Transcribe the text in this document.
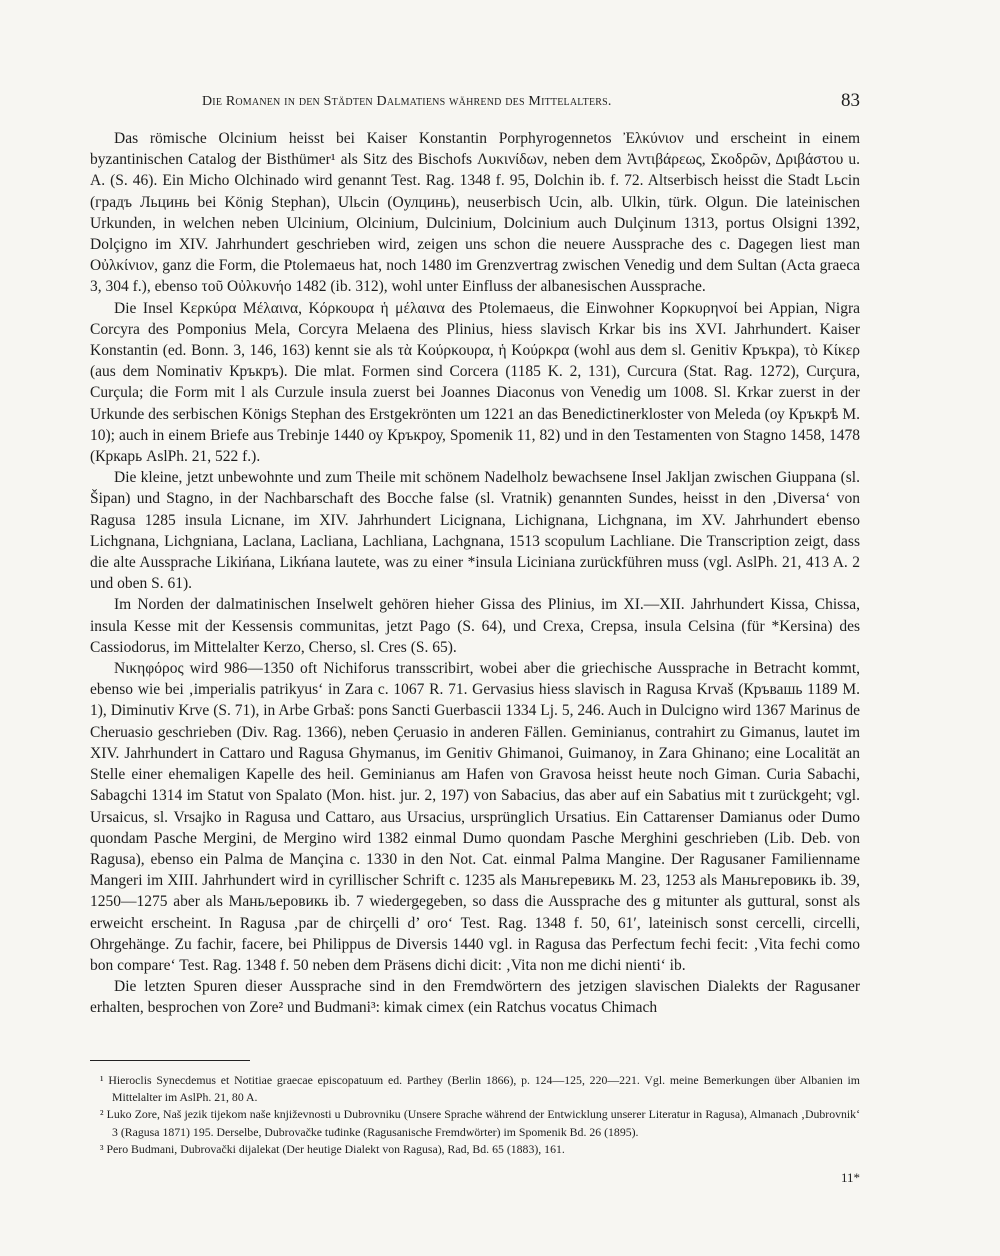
Die Romanen in den Städten Dalmatiens während des Mittelalters.	83

Das römische Olcinium heisst bei Kaiser Konstantin Porphyrogennetos Ἐλκύνιον und erscheint in einem byzantinischen Catalog der Bisthümer¹ als Sitz des Bischofs Λυκινίδων, neben dem Ἀντιβάρεως, Σκοδρῶν, Δριβάστου u. A. (S. 46). Ein Micho Olchinado wird genannt Test. Rag. 1348 f. 95, Dolchin ib. f. 72. Altserbisch heisst die Stadt Lьcin (градъ Льцинь bei König Stephan), Ulьcin (Оулцинь), neuserbisch Ucin, alb. Ulkin, türk. Olgun. Die lateinischen Urkunden, in welchen neben Ulcinium, Olcinium, Dulcinium, Dolcinium auch Dulçinum 1313, portus Olsigni 1392, Dolçigno im XIV. Jahrhundert geschrieben wird, zeigen uns schon die neuere Aussprache des c. Dagegen liest man Οὐλκίνιον, ganz die Form, die Ptolemaeus hat, noch 1480 im Grenzvertrag zwischen Venedig und dem Sultan (Acta graeca 3, 304 f.), ebenso τοῦ Οὐλκυνήο 1482 (ib. 312), wohl unter Einfluss der albanesischen Aussprache.

Die Insel Κερκύρα Μέλαινα, Κόρκουρα ἡ μέλαινα des Ptolemaeus, die Einwohner Κορκυρηνοί bei Appian, Nigra Corcyra des Pomponius Mela, Corcyra Melaena des Plinius, hiess slavisch Krkar bis ins XVI. Jahrhundert. Kaiser Konstantin (ed. Bonn. 3, 146, 163) kennt sie als τὰ Κούρκουρα, ἡ Κούρκρα (wohl aus dem sl. Genitiv Кръкра), τὸ Κίκερ (aus dem Nominativ Кръкръ). Die mlat. Formen sind Corcera (1185 K. 2, 131), Curcura (Stat. Rag. 1272), Curçura, Curçula; die Form mit l als Curzule insula zuerst bei Joannes Diaconus von Venedig um 1008. Sl. Krkar zuerst in der Urkunde des serbischen Königs Stephan des Erstgekrönten um 1221 an das Benedictinerkloster von Meleda (оу Кръкрѣ M. 10); auch in einem Briefe aus Trebinje 1440 оу Кръкроу, Spomenik 11, 82) und in den Testamenten von Stagno 1458, 1478 (Кркарь AslPh. 21, 522 f.).

Die kleine, jetzt unbewohnte und zum Theile mit schönem Nadelholz bewachsene Insel Jakljan zwischen Giuppana (sl. Šipan) und Stagno, in der Nachbarschaft des Bocche false (sl. Vratnik) genannten Sundes, heisst in den ‚Diversa‘ von Ragusa 1285 insula Licnane, im XIV. Jahrhundert Licignana, Lichignana, Lichgnana, im XV. Jahrhundert ebenso Lichgnana, Lichgniana, Laclana, Lacliana, Lachliana, Lachgnana, 1513 scopulum Lachliane. Die Transcription zeigt, dass die alte Aussprache Likińana, Likńana lautete, was zu einer *insula Liciniana zurückführen muss (vgl. AslPh. 21, 413 A. 2 und oben S. 61).

Im Norden der dalmatinischen Inselwelt gehören hieher Gissa des Plinius, im XI.—XII. Jahrhundert Kissa, Chissa, insula Kesse mit der Kessensis communitas, jetzt Pago (S. 64), und Crexa, Crepsa, insula Celsina (für *Kersina) des Cassiodorus, im Mittelalter Kerzo, Cherso, sl. Cres (S. 65).

Νικηφόρος wird 986—1350 oft Nichiforus transscribirt, wobei aber die griechische Aussprache in Betracht kommt, ebenso wie bei ‚imperialis patrikyus‘ in Zara c. 1067 R. 71. Gervasius hiess slavisch in Ragusa Krvaš (Кръвашь 1189 M. 1), Diminutiv Krve (S. 71), in Arbe Grbaš: pons Sancti Guerbascii 1334 Lj. 5, 246. Auch in Dulcigno wird 1367 Marinus de Cheruasio geschrieben (Div. Rag. 1366), neben Çeruasio in anderen Fällen. Geminianus, contrahirt zu Gimanus, lautet im XIV. Jahrhundert in Cattaro und Ragusa Ghymanus, im Genitiv Ghimanoi, Guimanoy, in Zara Ghinano; eine Localität an Stelle einer ehemaligen Kapelle des heil. Geminianus am Hafen von Gravosa heisst heute noch Giman. Curia Sabachi, Sabagchi 1314 im Statut von Spalato (Mon. hist. jur. 2, 197) von Sabacius, das aber auf ein Sabatius mit t zurückgeht; vgl. Ursaicus, sl. Vrsajko in Ragusa und Cattaro, aus Ursacius, ursprünglich Ursatius. Ein Cattarenser Damianus oder Dumo quondam Pasche Mergini, de Mergino wird 1382 einmal Dumo quondam Pasche Merghini geschrieben (Lib. Deb. von Ragusa), ebenso ein Palma de Mançina c. 1330 in den Not. Cat. einmal Palma Mangine. Der Ragusaner Familienname Mangeri im XIII. Jahrhundert wird in cyrillischer Schrift c. 1235 als Маньгеревикь M. 23, 1253 als Маньгеровикь ib. 39, 1250—1275 aber als Маньљеровикь ib. 7 wiedergegeben, so dass die Aussprache des g mitunter als guttural, sonst als erweicht erscheint. In Ragusa ‚par de chirçelli d’ oro‘ Test. Rag. 1348 f. 50, 61′, lateinisch sonst cercelli, circelli, Ohrgehänge. Zu fachir, facere, bei Philippus de Diversis 1440 vgl. in Ragusa das Perfectum fechi fecit: ‚Vita fechi como bon compare‘ Test. Rag. 1348 f. 50 neben dem Präsens dichi dicit: ‚Vita non me dichi nienti‘ ib.

Die letzten Spuren dieser Aussprache sind in den Fremdwörtern des jetzigen slavischen Dialekts der Ragusaner erhalten, besprochen von Zore² und Budmani³: kimak cimex (ein Ratchus vocatus Chimach

¹ Hieroclis Synecdemus et Notitiae graecae episcopatuum ed. Parthey (Berlin 1866), p. 124—125, 220—221. Vgl. meine Bemerkungen über Albanien im Mittelalter im AslPh. 21, 80 A.

² Luko Zore, Naš jezik tijekom naše književnosti u Dubrovniku (Unsere Sprache während der Entwicklung unserer Literatur in Ragusa), Almanach ‚Dubrovnik‘ 3 (Ragusa 1871) 195. Derselbe, Dubrovačke tuđinke (Ragusanische Fremdwörter) im Spomenik Bd. 26 (1895).

³ Pero Budmani, Dubrovački dijalekat (Der heutige Dialekt von Ragusa), Rad, Bd. 65 (1883), 161.

11*
